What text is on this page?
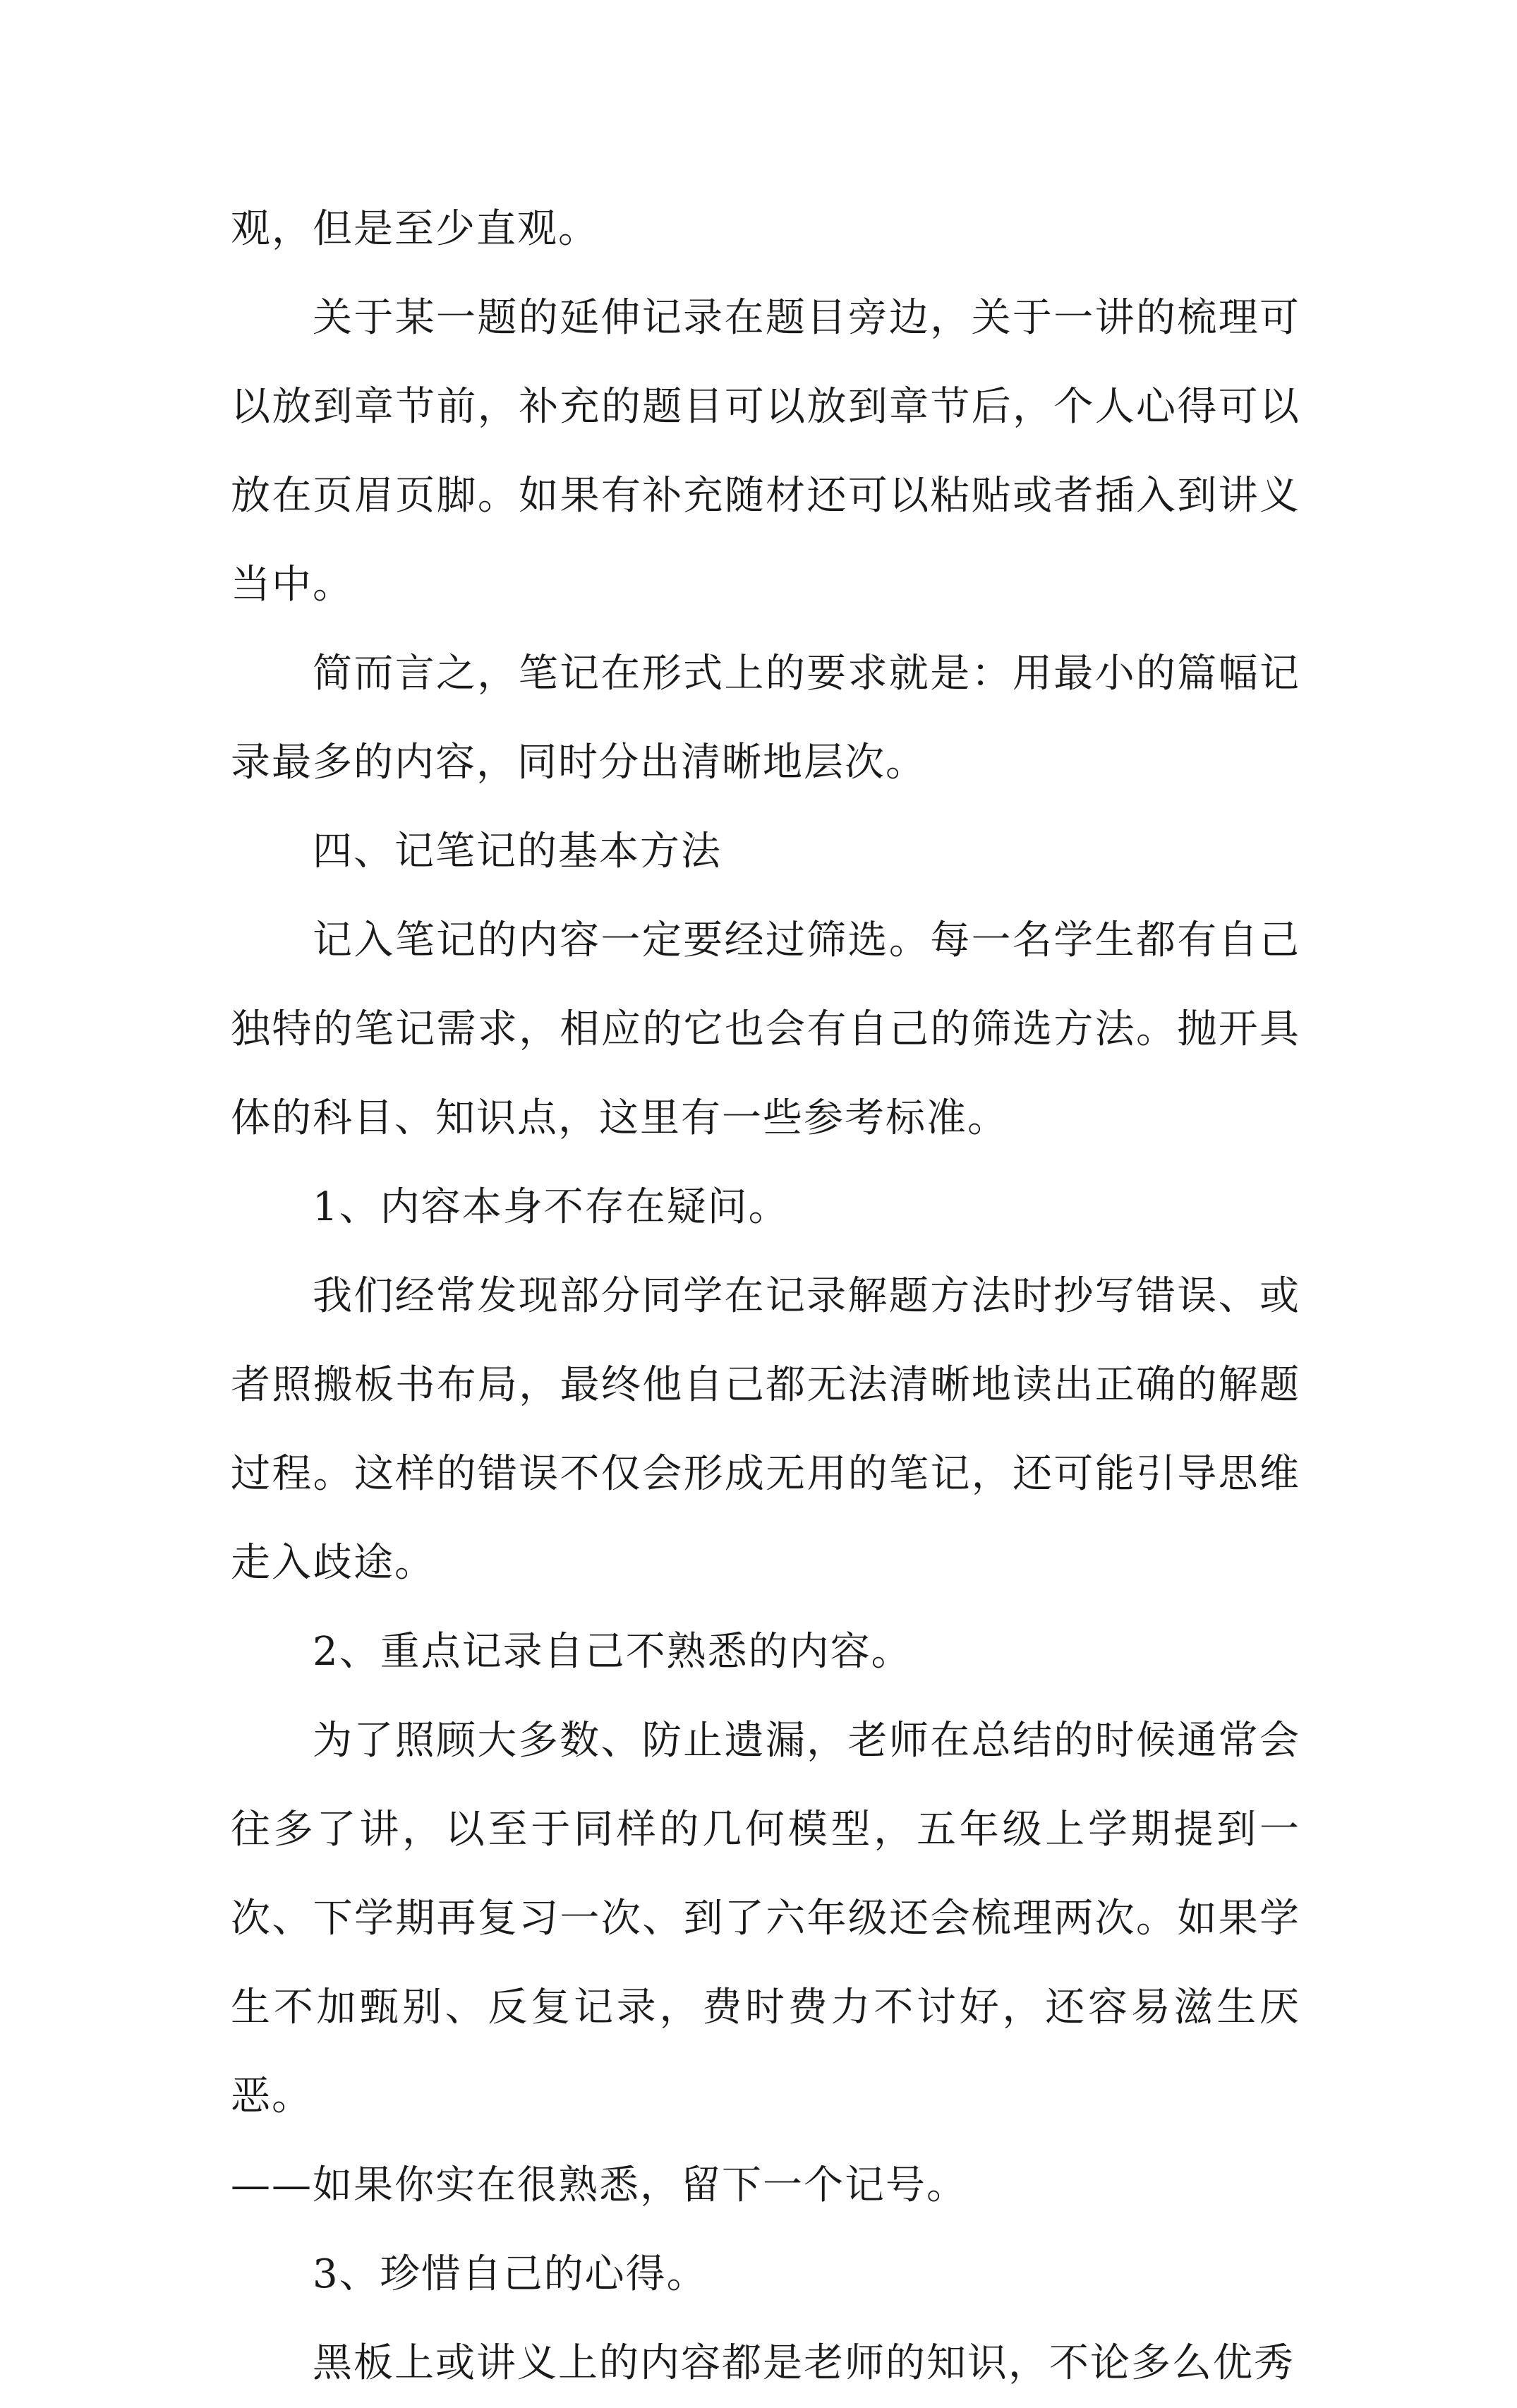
观，但是至少直观。

关于某一题的延伸记录在题目旁边，关于一讲的梳理可以放到章节前，补充的题目可以放到章节后，个人心得可以放在页眉页脚。如果有补充随材还可以粘贴或者插入到讲义当中。

简而言之，笔记在形式上的要求就是：用最小的篇幅记录最多的内容，同时分出清晰地层次。

四、记笔记的基本方法

记入笔记的内容一定要经过筛选。每一名学生都有自己独特的笔记需求，相应的它也会有自己的筛选方法。抛开具体的科目、知识点，这里有一些参考标准。

1、内容本身不存在疑问。

我们经常发现部分同学在记录解题方法时抄写错误、或者照搬板书布局，最终他自己都无法清晰地读出正确的解题过程。这样的错误不仅会形成无用的笔记，还可能引导思维走入歧途。

2、重点记录自己不熟悉的内容。

为了照顾大多数、防止遗漏，老师在总结的时候通常会往多了讲，以至于同样的几何模型，五年级上学期提到一次、下学期再复习一次、到了六年级还会梳理两次。如果学生不加甄别、反复记录，费时费力不讨好，还容易滋生厌恶。

——如果你实在很熟悉，留下一个记号。

3、珍惜自己的心得。

黑板上或讲义上的内容都是老师的知识，不论多么优秀
